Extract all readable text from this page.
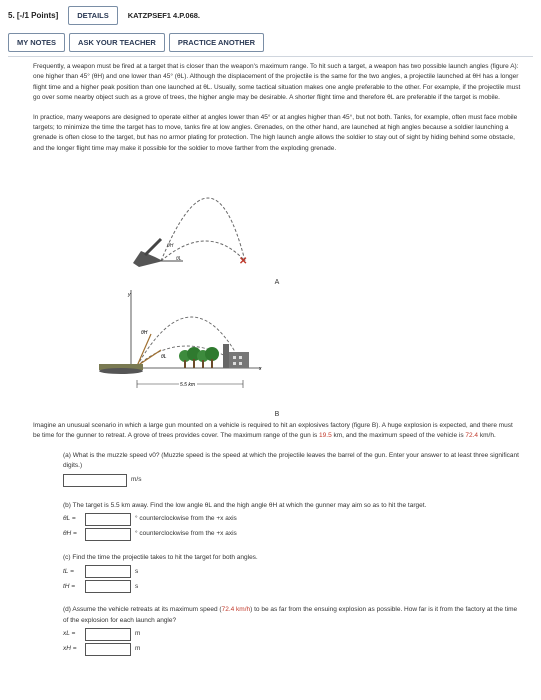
5. [-/1 Points]	DETAILS	KATZPSEF1 4.P.068.
MY NOTES	ASK YOUR TEACHER	PRACTICE ANOTHER

Frequently, a weapon must be fired at a target that is closer than the weapon's maximum range. To hit such a target, a weapon has two possible launch angles (figure A): one higher than 45° (θH) and one lower than 45° (θL). Although the displacement of the projectile is the same for the two angles, a projectile launched at θH has a longer flight time and a higher peak position than one launched at θL. Usually, some tactical situation makes one angle preferable to the other. For example, if the projectile must go over some nearby object such as a grove of trees, the higher angle may be desirable. A shorter flight time and therefore θL are preferable if the target is mobile.

In practice, many weapons are designed to operate either at angles lower than 45° or at angles higher than 45°, but not both. Tanks, for example, often must face mobile targets; to minimize the time the target has to move, tanks fire at low angles. Grenades, on the other hand, are launched at high angles because a soldier launching a grenade is often close to the target, but has no armor plating for protection. The high launch angle allows the soldier to stay out of sight by hiding behind some obstacle, and the longer flight time may make it possible for the soldier to move farther from the exploding grenade.

θH
θL	✕
A
y
x
θH
θL
5.5 km
B

Imagine an unusual scenario in which a large gun mounted on a vehicle is required to hit an explosives factory (figure B). A huge explosion is expected, and there must be time for the gunner to retreat. A grove of trees provides cover. The maximum range of the gun is 19.5 km, and the maximum speed of the vehicle is 72.4 km/h.

(a) What is the muzzle speed v0? (Muzzle speed is the speed at which the projectile leaves the barrel of the gun. Enter your answer to at least three significant digits.)
m/s
(b) The target is 5.5 km away. Find the low angle θL and the high angle θH at which the gunner may aim so as to hit the target.
θL =	° counterclockwise from the +x axis
θH =	° counterclockwise from the +x axis
(c) Find the time the projectile takes to hit the target for both angles.
tL =	s
tH =	s
(d) Assume the vehicle retreats at its maximum speed (72.4 km/h) to be as far from the ensuing explosion as possible. How far is it from the factory at the time of the explosion for each launch angle?
xL =	m
xH =	m
